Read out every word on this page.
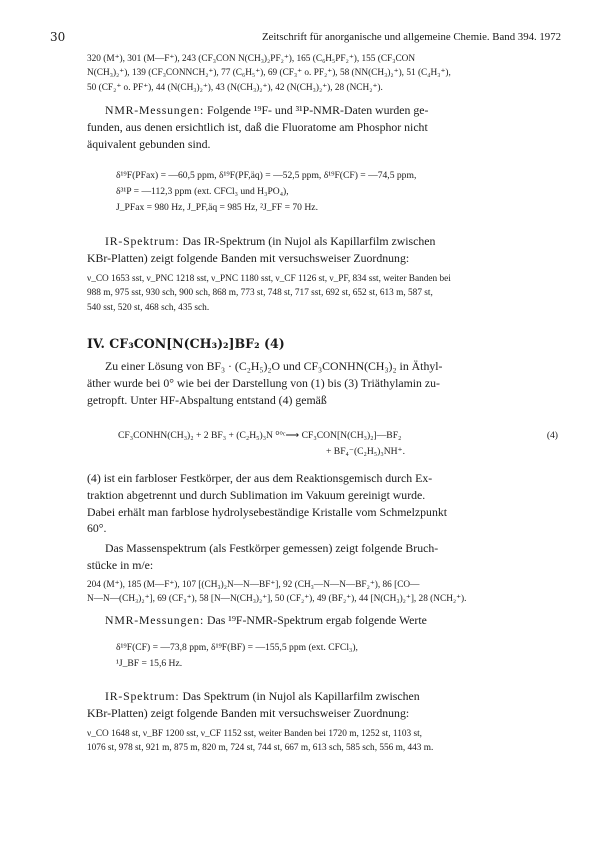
30	Zeitschrift für anorganische und allgemeine Chemie. Band 394. 1972
320 (M⁺), 301 (M—F⁺), 243 (CF₃CON N(CH₃)₂PF₂⁺), 165 (C₆H₅PF₂⁺), 155 (CF₃CON
N(CH₃)₂⁺), 139 (CF₃CONNCH₂⁺), 77 (C₆H₅⁺), 69 (CF₃⁺ o. PF₂⁺), 58 (NN(CH₃)₂⁺), 51 (C₄H₃⁺),
50 (CF₂⁺ o. PF⁺), 44 (N(CH₃)₂⁺), 43 (N(CH₃)₂⁺), 42 (N(CH₃)₂⁺), 28 (NCH₂⁺).
NMR-Messungen: Folgende ¹⁹F- und ³¹P-NMR-Daten wurden ge-
funden, aus denen ersichtlich ist, daß die Fluoratome am Phosphor nicht
äquivalent gebunden sind.
δ¹⁹F(PFax) = —60,5 ppm, δ¹⁹F(PF,äq) = —52,5 ppm, δ¹⁹F(CF) = —74,5 ppm,
δ³¹P = —112,3 ppm (ext. CFCl₃ und H₃PO₄),
J_PFax = 980 Hz, J_PF,äq = 985 Hz, ²J_FF = 70 Hz.
IR-Spektrum: Das IR-Spektrum (in Nujol als Kapillarfilm zwischen
KBr-Platten) zeigt folgende Banden mit versuchsweiser Zuordnung:
ν_CO 1653 sst, ν_PNC 1218 sst, ν_PNC 1180 sst, ν_CF 1126 st, ν_PF, 834 sst, weiter Banden bei
988 m, 975 sst, 930 sch, 900 sch, 868 m, 773 st, 748 st, 717 sst, 692 st, 652 st, 613 m, 587 st,
540 sst, 520 st, 468 sch, 435 sch.
IV. CF₃CON[N(CH₃)₂]BF₂ (4)
Zu einer Lösung von BF₃ · (C₂H₅)₂O und CF₃CONHN(CH₃)₂ in Äthyl-
äther wurde bei 0° wie bei der Darstellung von (1) bis (3) Triäthylamin zu-
getropft. Unter HF-Abspaltung entstand (4) gemäß
CF₃CONHN(CH₃)₂ + 2 BF₃ + (C₂H₅)₃N ⁰°ᶜ⟶ CF₃CON[N(CH₃)₂]—BF₂
+ BF₄⁻(C₂H₅)₃NH⁺.
(4)
(4) ist ein farbloser Festkörper, der aus dem Reaktionsgemisch durch Ex-
traktion abgetrennt und durch Sublimation im Vakuum gereinigt wurde.
Dabei erhält man farblose hydrolysebeständige Kristalle vom Schmelzpunkt
60°.
Das Massenspektrum (als Festkörper gemessen) zeigt folgende Bruch-
stücke in m/e:
204 (M⁺), 185 (M—F⁺), 107 [(CH₃)₂N—N—BF⁺], 92 (CH₃—N—N—BF₂⁺), 86 [CO—
N—N—(CH₃)₂⁺], 69 (CF₃⁺), 58 [N—N(CH₃)₂⁺], 50 (CF₂⁺), 49 (BF₂⁺), 44 [N(CH₃)₂⁺], 28 (NCH₂⁺).
NMR-Messungen: Das ¹⁹F-NMR-Spektrum ergab folgende Werte
δ¹⁹F(CF) = —73,8 ppm, δ¹⁹F(BF) = —155,5 ppm (ext. CFCl₃),
¹J_BF = 15,6 Hz.
IR-Spektrum: Das Spektrum (in Nujol als Kapillarfilm zwischen
KBr-Platten) zeigt folgende Banden mit versuchsweiser Zuordnung:
ν_CO 1648 st, ν_BF 1200 sst, ν_CF 1152 sst, weiter Banden bei 1720 m, 1252 st, 1103 st,
1076 st, 978 st, 921 m, 875 m, 820 m, 724 st, 744 st, 667 m, 613 sch, 585 sch, 556 m, 443 m.
